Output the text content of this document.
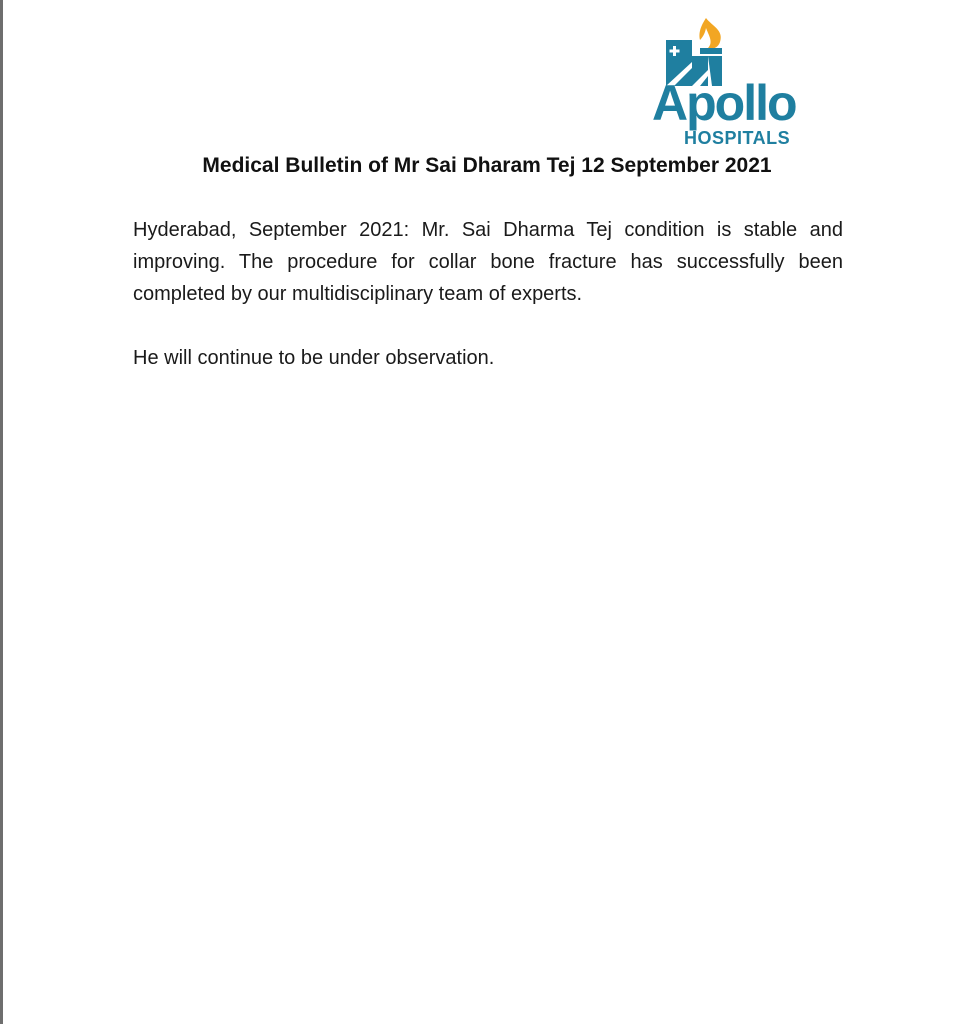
Apollo
HOSPITALS
Medical Bulletin of Mr Sai Dharam Tej 12 September 2021

Hyderabad, September 2021: Mr. Sai Dharma Tej condition is stable and improving. The procedure for collar bone fracture has successfully been completed by our multidisciplinary team of experts.

He will continue to be under observation.
